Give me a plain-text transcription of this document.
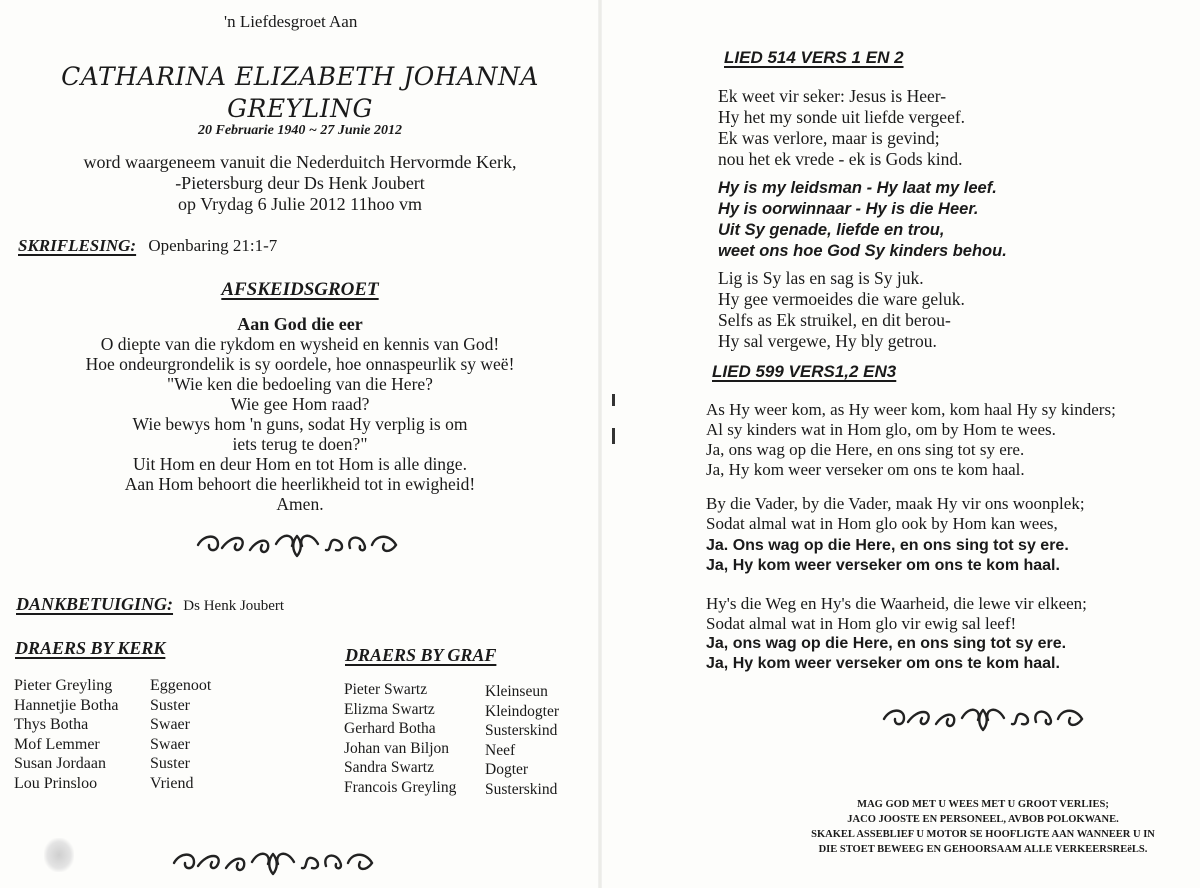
'n Liefdesgroet Aan

CATHARINA ELIZABETH JOHANNA

GREYLING

20 Februarie 1940 ~ 27 Junie 2012

word waargeneem vanuit die Nederduitch Hervormde Kerk,
-Pietersburg deur Ds Henk Joubert
op Vrydag 6 Julie 2012 11hoo vm

SKRIFLESING: Openbaring 21:1-7

AFSKEIDSGROET

Aan God die eer

O diepte van die rykdom en wysheid en kennis van God!
Hoe ondeurgrondelik is sy oordele, hoe onnaspeurlik sy weë!
"Wie ken die bedoeling van die Here?
Wie gee Hom raad?
Wie bewys hom 'n guns, sodat Hy verplig is om
iets terug te doen?"
Uit Hom en deur Hom en tot Hom is alle dinge.
Aan Hom behoort die heerlikheid tot in ewigheid!
Amen.

DANKBETUIGING: Ds Henk Joubert

DRAERS BY KERK

Pieter Greyling
Hannetjie Botha
Thys Botha
Mof Lemmer
Susan Jordaan
Lou Prinsloo
Eggenoot
Suster
Swaer
Swaer
Suster
Vriend

DRAERS BY GRAF

Pieter Swartz
Elizma Swartz
Gerhard Botha
Johan van Biljon
Sandra Swartz
Francois Greyling
Kleinseun
Kleindogter
Susterskind
Neef
Dogter
Susterskind

LIED 514 VERS 1 EN 2

Ek weet vir seker: Jesus is Heer-
Hy het my sonde uit liefde vergeef.
Ek was verlore, maar is gevind;
nou het ek vrede - ek is Gods kind.
Hy is my leidsman - Hy laat my leef.
Hy is oorwinnaar - Hy is die Heer.
Uit Sy genade, liefde en trou,
weet ons hoe God Sy kinders behou.
Lig is Sy las en sag is Sy juk.
Hy gee vermoeides die ware geluk.
Selfs as Ek struikel, en dit berou-
Hy sal vergewe, Hy bly getrou.

LIED 599 VERS1,2 EN3

As Hy weer kom, as Hy weer kom, kom haal Hy sy kinders;
Al sy kinders wat in Hom glo, om by Hom te wees.
Ja, ons wag op die Here, en ons sing tot sy ere.
Ja, Hy kom weer verseker om ons te kom haal.
By die Vader, by die Vader, maak Hy vir ons woonplek;
Sodat almal wat in Hom glo ook by Hom kan wees,
Ja. Ons wag op die Here, en ons sing tot sy ere.
Ja, Hy kom weer verseker om ons te kom haal.
Hy's die Weg en Hy's die Waarheid, die lewe vir elkeen;
Sodat almal wat in Hom glo vir ewig sal leef!
Ja, ons wag op die Here, en ons sing tot sy ere.
Ja, Hy kom weer verseker om ons te kom haal.
MAG GOD MET U WEES MET U GROOT VERLIES;
JACO JOOSTE EN PERSONEEL, AVBOB POLOKWANE.
SKAKEL ASSEBLIEF U MOTOR SE HOOFLIGTE AAN WANNEER U IN
DIE STOET BEWEEG EN GEHOORSAAM ALLE VERKEERSREëLS.
